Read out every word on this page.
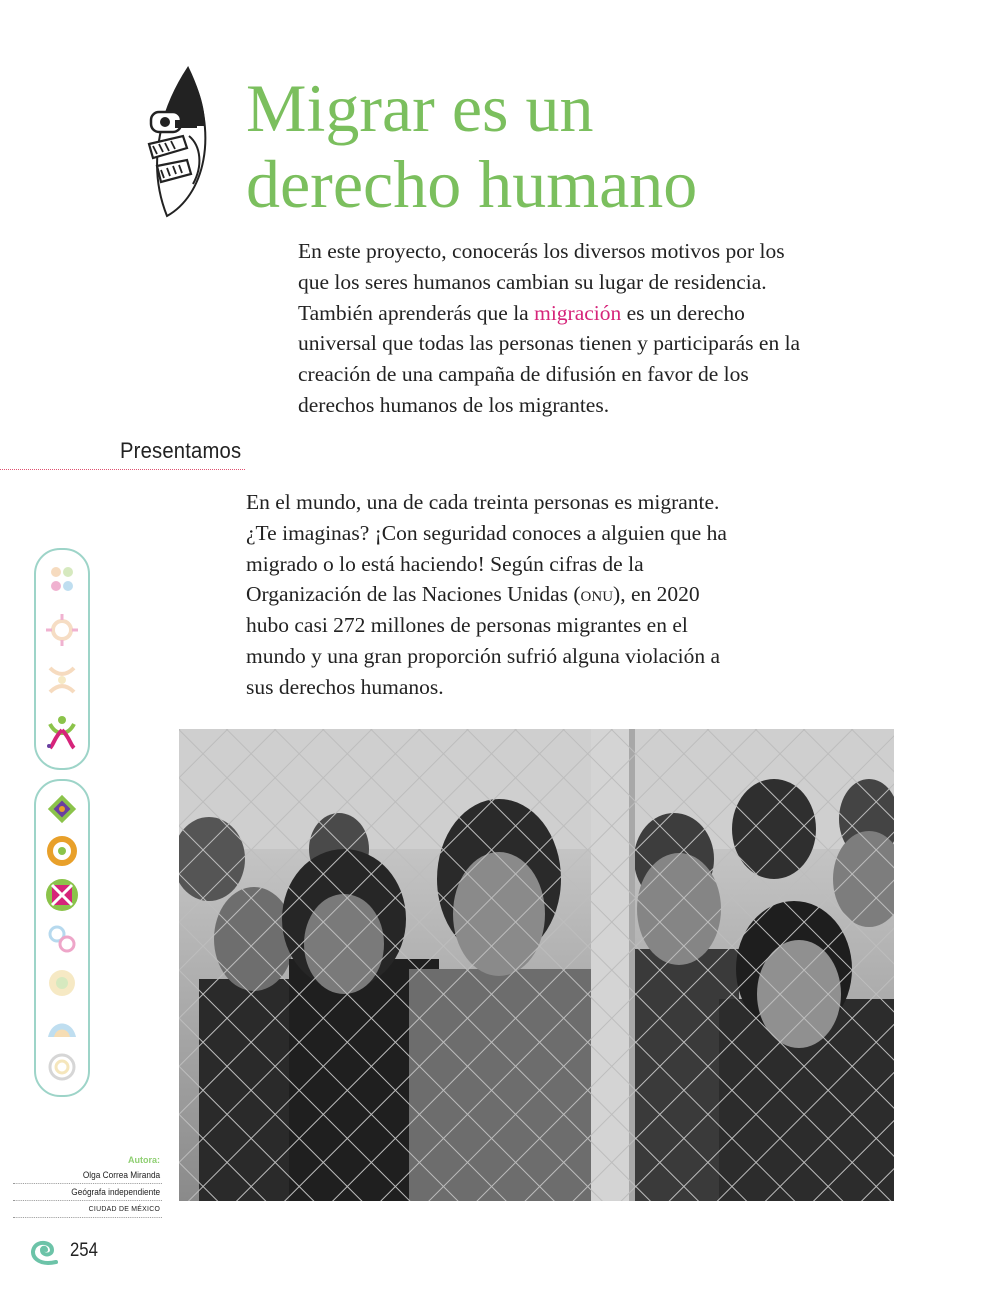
Migrar es un
derecho humano

En este proyecto, conocerás los diversos motivos por los que los seres humanos cambian su lugar de residencia. También aprenderás que la migración es un derecho universal que todas las personas tienen y participarás en la creación de una campaña de difusión en favor de los derechos humanos de los migrantes.

Presentamos

En el mundo, una de cada treinta personas es migrante. ¿Te imaginas? ¡Con seguridad conoces a alguien que ha migrado o lo está haciendo! Según cifras de la Organización de las Naciones Unidas (onu), en 2020 hubo casi 272 millones de personas migrantes en el mundo y una gran proporción sufrió alguna violación a sus derechos humanos.

Autora:
Olga Correa Miranda
Geógrafa independiente
CIUDAD DE MÉXICO
254
